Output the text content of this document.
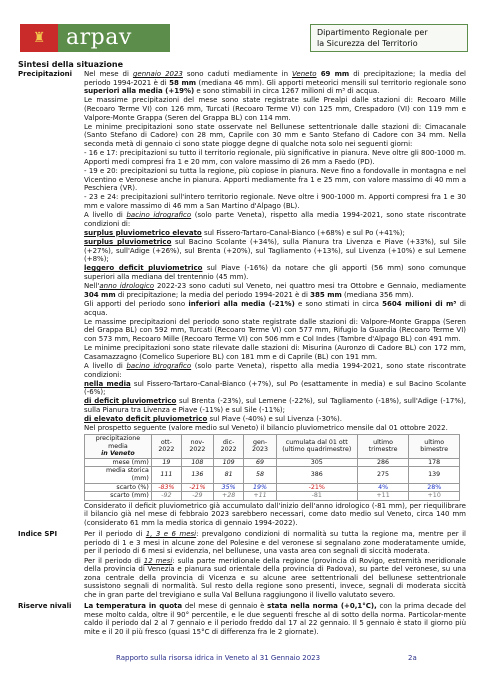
♜ arpav	Dipartimento Regionale per
la Sicurezza del Territorio
Sintesi della situazione
Precipitazioni	Nel mese di gennaio 2023 sono caduti mediamente in Veneto 69 mm di precipitazione; la media del periodo 1994-2021 è di 58 mm (mediana 46 mm). Gli apporti meteorici mensili sul territorio regionale sono superiori alla media (+19%) e sono stimabili in circa 1267 milioni di m³ di acqua.
Le massime precipitazioni del mese sono state registrate sulle Prealpi dalle stazioni di: Recoaro Mille (Recoaro Terme VI) con 126 mm, Turcati (Recoaro Terme VI) con 125 mm, Crespadoro (VI) con 119 mm e Valpore-Monte Grappa (Seren del Grappa BL) con 114 mm.
Le minime precipitazioni sono state osservate nel Bellunese settentrionale dalle stazioni di: Cimacanale (Santo Stefano di Cadore) con 28 mm, Caprile con 30 mm e Santo Stefano di Cadore con 34 mm. Nella seconda metà di gennaio ci sono state piogge degne di qualche nota solo nei seguenti giorni:
- 16 e 17: precipitazioni su tutto il territorio regionale, più significative in pianura. Neve oltre gli 800-1000 m. Apporti medi compresi fra 1 e 20 mm, con valore massimo di 26 mm a Faedo (PD).
- 19 e 20: precipitazioni su tutta la regione, più copiose in pianura. Neve fino a fondovalle in montagna e nel Vicentino e Veronese anche in pianura. Apporti mediamente fra 1 e 25 mm, con valore massimo di 40 mm a Peschiera (VR).
- 23 e 24: precipitazioni sull'intero territorio regionale. Neve oltre i 900-1000 m. Apporti compresi fra 1 e 30 mm e valore massimo di 46 mm a San Martino d'Alpago (BL).
A livello di bacino idrografico (solo parte Veneta), rispetto alla media 1994-2021, sono state riscontrate condizioni di:
surplus pluviometrico elevato sul Fissero-Tartaro-Canal-Bianco (+68%) e sul Po (+41%);
surplus pluviometrico sul Bacino Scolante (+34%), sulla Pianura tra Livenza e Piave (+33%), sul Sile (+27%), sull'Adige (+26%), sul Brenta (+20%), sul Tagliamento (+13%), sul Livenza (+10%) e sul Lemene (+8%);
leggero deficit pluviometrico sul Piave (-16%) da notare che gli apporti (56 mm) sono comunque superiori alla mediana del trentennio (45 mm).
Nell'anno idrologico 2022-23 sono caduti sul Veneto, nei quattro mesi tra Ottobre e Gennaio, mediamente 304 mm di precipitazione; la media del periodo 1994-2021 è di 385 mm (mediana 356 mm).
Gli apporti del periodo sono inferiori alla media (-21%) e sono stimati in circa 5604 milioni di m³ di acqua.
Le massime precipitazioni del periodo sono state registrate dalle stazioni di: Valpore-Monte Grappa (Seren del Grappa BL) con 592 mm, Turcati (Recoaro Terme VI) con 577 mm, Rifugio la Guardia (Recoaro Terme VI) con 573 mm, Recoaro Mille (Recoaro Terme VI) con 506 mm e Col Indes (Tambre d'Alpago BL) con 491 mm.
Le minime precipitazioni sono state rilevate dalle stazioni di: Misurina (Auronzo di Cadore BL) con 172 mm, Casamazzagno (Comelico Superiore BL) con 181 mm e di Caprile (BL) con 191 mm.
A livello di bacino idrografico (solo parte Veneta), rispetto alla media 1994-2021, sono state riscontrate condizioni:
nella media sul Fissero-Tartaro-Canal-Bianco (+7%), sul Po (esattamente in media) e sul Bacino Scolante (-6%);
di deficit pluviometrico sul Brenta (-23%), sul Lemene (-22%), sul Tagliamento (-18%), sull'Adige (-17%), sulla Pianura tra Livenza e Piave (-11%) e sul Sile (-11%);
di elevato deficit pluviometrico sul Piave (-40%) e sul Livenza (-30%).
Nel prospetto seguente (valore medio sul Veneto) il bilancio pluviometrico mensile dal 01 ottobre 2022.
precipitazione media
in Veneto	ott-2022	nov-2022	dic-2022	gen-2023	cumulata dal 01 ott (ultimo quadrimestre)	ultimo trimestre	ultimo bimestre
mese (mm)	19	108	109	69	305	286	178
media storica (mm)	111	136	81	58	386	275	139
scarto (%)	-83%	-21%	35%	19%	-21%	4%	28%
scarto (mm)	-92	-29	+28	+11	-81	+11	+10
Considerato il deficit pluviometrico già accumulato dall'inizio dell'anno idrologico (-81 mm), per riequilibrare il bilancio già nel mese di febbraio 2023 sarebbero necessari, come dato medio sul Veneto, circa 140 mm (considerato 61 mm la media storica di gennaio 1994-2022).
Indice SPI	Per il periodo di 1, 3 e 6 mesi: prevalgono condizioni di normalità su tutta la regione ma, mentre per il periodo di 1 e 3 mesi in alcune zone del Polesine e del veronese si segnalano zone moderatamente umide, per il periodo di 6 mesi si evidenzia, nel bellunese, una vasta area con segnali di siccità moderata.
Per il periodo di 12 mesi: sulla parte meridionale della regione (provincia di Rovigo, estremità meridionale della provincia di Venezia e pianura sud orientale della provincia di Padova), su parte del veronese, su una zona centrale della provincia di Vicenza e su alcune aree settentrionali del bellunese settentrionale sussistono segnali di normalità. Sul resto della regione sono presenti, invece, segnali di moderata siccità che in gran parte del trevigiano e sulla Val Belluna raggiungono il livello valutato severo.
Riserve nivali	La temperatura in quota del mese di gennaio è stata nella norma (+0,1°C), con la prima decade del mese molto calda, oltre il 90° percentile, e le due seguenti fresche al di sotto della norma. Particolar-mente caldo il periodo dal 2 al 7 gennaio e il periodo freddo dal 17 al 22 gennaio. Il 5 gennaio è stato il giorno più mite e il 20 il più fresco (quasi 15°C di differenza fra le 2 giornate).
Rapporto sulla risorsa idrica in Veneto al 31 Gennaio 2023	2a
